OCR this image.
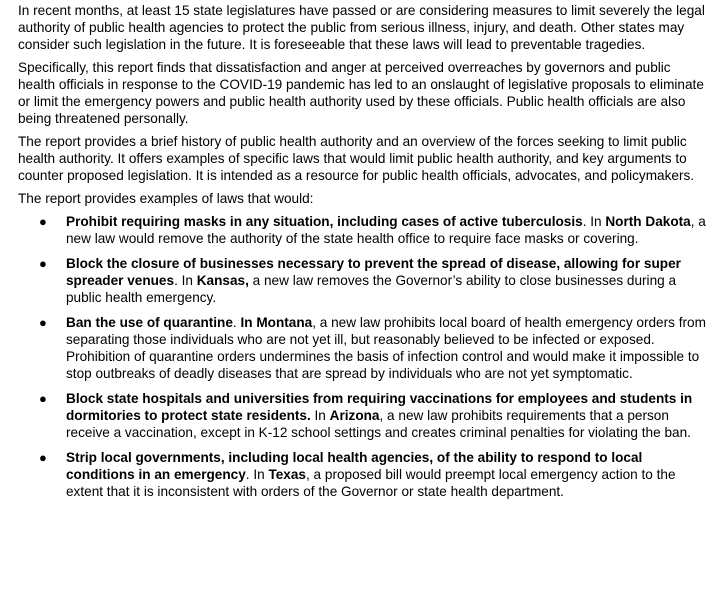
In recent months, at least 15 state legislatures have passed or are considering measures to limit severely the legal authority of public health agencies to protect the public from serious illness, injury, and death. Other states may consider such legislation in the future. It is foreseeable that these laws will lead to preventable tragedies.

Specifically, this report finds that dissatisfaction and anger at perceived overreaches by governors and public health officials in response to the COVID-19 pandemic has led to an onslaught of legislative proposals to eliminate or limit the emergency powers and public health authority used by these officials. Public health officials are also being threatened personally.

The report provides a brief history of public health authority and an overview of the forces seeking to limit public health authority. It offers examples of specific laws that would limit public health authority, and key arguments to counter proposed legislation. It is intended as a resource for public health officials, advocates, and policymakers.

The report provides examples of laws that would:

● Prohibit requiring masks in any situation, including cases of active tuberculosis. In North Dakota, a new law would remove the authority of the state health office to require face masks or covering.
● Block the closure of businesses necessary to prevent the spread of disease, allowing for super spreader venues. In Kansas, a new law removes the Governor’s ability to close businesses during a public health emergency.
● Ban the use of quarantine. In Montana, a new law prohibits local board of health emergency orders from separating those individuals who are not yet ill, but reasonably believed to be infected or exposed. Prohibition of quarantine orders undermines the basis of infection control and would make it impossible to stop outbreaks of deadly diseases that are spread by individuals who are not yet symptomatic.
● Block state hospitals and universities from requiring vaccinations for employees and students in dormitories to protect state residents. In Arizona, a new law prohibits requirements that a person receive a vaccination, except in K-12 school settings and creates criminal penalties for violating the ban.
● Strip local governments, including local health agencies, of the ability to respond to local conditions in an emergency. In Texas, a proposed bill would preempt local emergency action to the extent that it is inconsistent with orders of the Governor or state health department.
